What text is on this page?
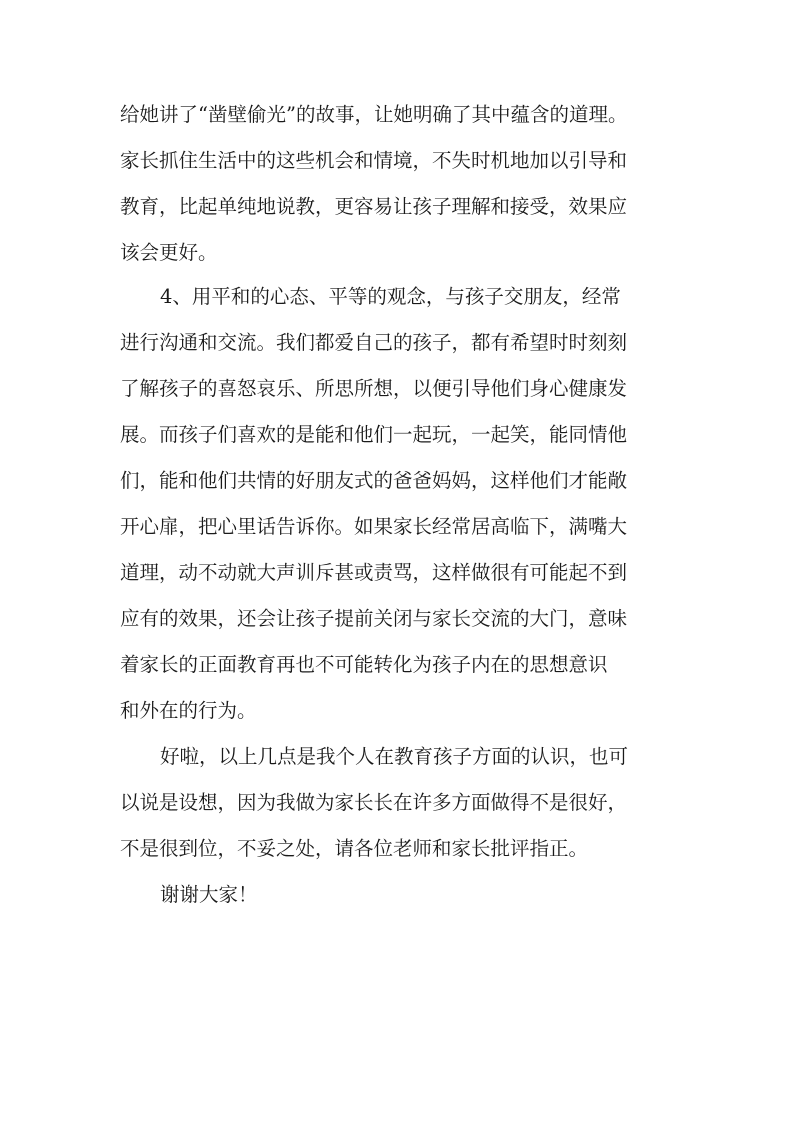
给她讲了“凿壁偷光”的故事，让她明确了其中蕴含的道理。
家长抓住生活中的这些机会和情境，不失时机地加以引导和
教育，比起单纯地说教，更容易让孩子理解和接受，效果应
该会更好。
4、用平和的心态、平等的观念，与孩子交朋友，经常
进行沟通和交流。我们都爱自己的孩子，都有希望时时刻刻
了解孩子的喜怒哀乐、所思所想，以便引导他们身心健康发
展。而孩子们喜欢的是能和他们一起玩，一起笑，能同情他
们，能和他们共情的好朋友式的爸爸妈妈，这样他们才能敞
开心扉，把心里话告诉你。如果家长经常居高临下，满嘴大
道理，动不动就大声训斥甚或责骂，这样做很有可能起不到
应有的效果，还会让孩子提前关闭与家长交流的大门，意味
着家长的正面教育再也不可能转化为孩子内在的思想意识
和外在的行为。
好啦，以上几点是我个人在教育孩子方面的认识，也可
以说是设想，因为我做为家长长在许多方面做得不是很好，
不是很到位，不妥之处，请各位老师和家长批评指正。
谢谢大家！
